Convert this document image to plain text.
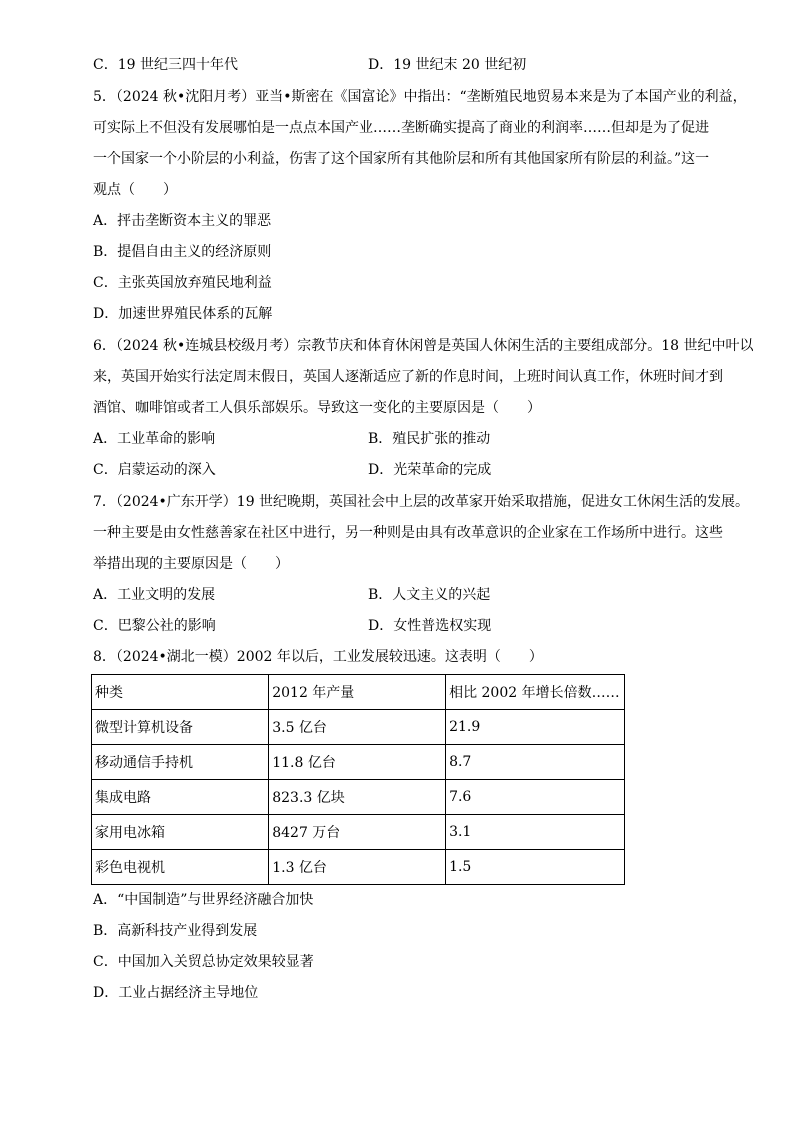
C．19 世纪三四十年代	D．19 世纪末 20 世纪初
5．（2024 秋•沈阳月考）亚当•斯密在《国富论》中指出：“垄断殖民地贸易本来是为了本国产业的利益，
可实际上不但没有发展哪怕是一点点本国产业……垄断确实提高了商业的利润率……但却是为了促进
一个国家一个小阶层的小利益，伤害了这个国家所有其他阶层和所有其他国家所有阶层的利益。”这一
观点（　　）
A．抨击垄断资本主义的罪恶
B．提倡自由主义的经济原则
C．主张英国放弃殖民地利益
D．加速世界殖民体系的瓦解
6．（2024 秋•连城县校级月考）宗教节庆和体育休闲曾是英国人休闲生活的主要组成部分。18 世纪中叶以
来，英国开始实行法定周末假日，英国人逐渐适应了新的作息时间，上班时间认真工作，休班时间才到
酒馆、咖啡馆或者工人俱乐部娱乐。导致这一变化的主要原因是（　　）
A．工业革命的影响	B．殖民扩张的推动
C．启蒙运动的深入	D．光荣革命的完成
7．（2024•广东开学）19 世纪晚期，英国社会中上层的改革家开始采取措施，促进女工休闲生活的发展。
一种主要是由女性慈善家在社区中进行，另一种则是由具有改革意识的企业家在工作场所中进行。这些
举措出现的主要原因是（　　）
A．工业文明的发展	B．人文主义的兴起
C．巴黎公社的影响	D．女性普选权实现
8．（2024•湖北一模）2002 年以后，工业发展较迅速。这表明（　　）
种类	2012 年产量	相比 2002 年增长倍数……
微型计算机设备	3.5 亿台	21.9
移动通信手持机	11.8 亿台	8.7
集成电路	823.3 亿块	7.6
家用电冰箱	8427 万台	3.1
彩色电视机	1.3 亿台	1.5
A．“中国制造”与世界经济融合加快
B．高新科技产业得到发展
C．中国加入关贸总协定效果较显著
D．工业占据经济主导地位
